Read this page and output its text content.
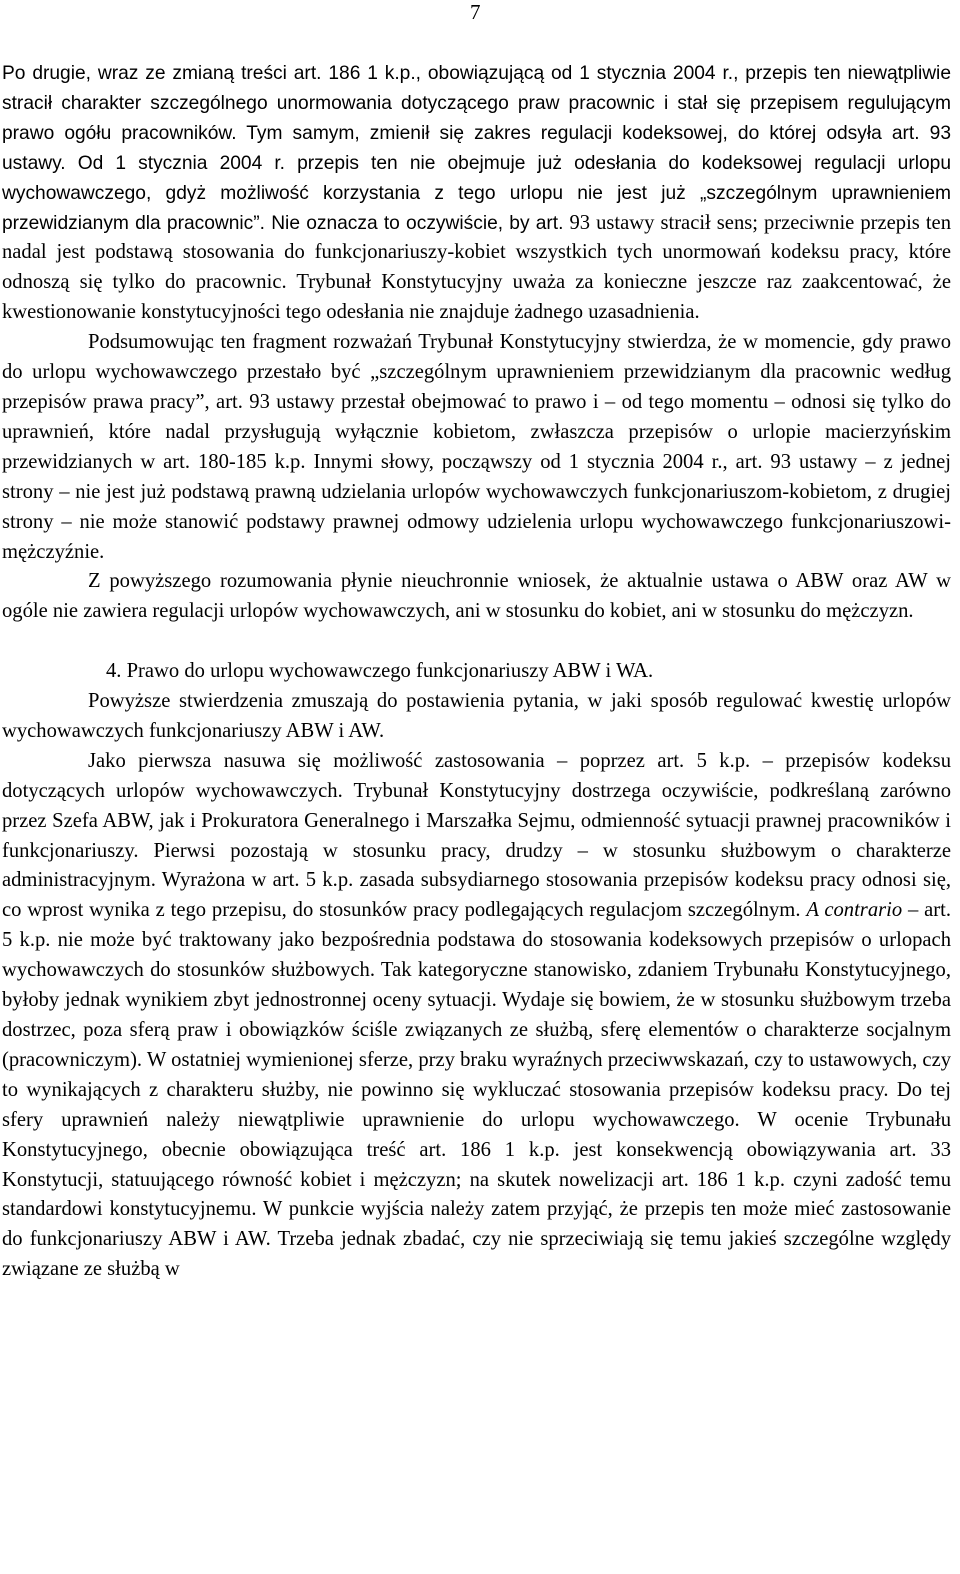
7

Po drugie, wraz ze zmianą treści art. 186 1 k.p., obowiązującą od 1 stycznia 2004 r., przepis ten niewątpliwie stracił charakter szczególnego unormowania dotyczącego praw pracownic i stał się przepisem regulującym prawo ogółu pracowników. Tym samym, zmienił się zakres regulacji kodeksowej, do której odsyła art. 93 ustawy. Od 1 stycznia 2004 r. przepis ten nie obejmuje już odesłania do kodeksowej regulacji urlopu wychowawczego, gdyż możliwość korzystania z tego urlopu nie jest już „szczególnym uprawnieniem przewidzianym dla pracownic”. Nie oznacza to oczywiście, by art. 93 ustawy stracił sens; przeciwnie przepis ten nadal jest podstawą stosowania do funkcjonariuszy-kobiet wszystkich tych unormowań kodeksu pracy, które odnoszą się tylko do pracownic. Trybunał Konstytucyjny uważa za konieczne jeszcze raz zaakcentować, że kwestionowanie konstytucyjności tego odesłania nie znajduje żadnego uzasadnienia.

Podsumowując ten fragment rozważań Trybunał Konstytucyjny stwierdza, że w momencie, gdy prawo do urlopu wychowawczego przestało być „szczególnym uprawnieniem przewidzianym dla pracownic według przepisów prawa pracy”, art. 93 ustawy przestał obejmować to prawo i – od tego momentu – odnosi się tylko do uprawnień, które nadal przysługują wyłącznie kobietom, zwłaszcza przepisów o urlopie macierzyńskim przewidzianych w art. 180-185 k.p. Innymi słowy, począwszy od 1 stycznia 2004 r., art. 93 ustawy – z jednej strony – nie jest już podstawą prawną udzielania urlopów wychowawczych funkcjonariuszom-kobietom, z drugiej strony – nie może stanowić podstawy prawnej odmowy udzielenia urlopu wychowawczego funkcjonariuszowi-mężczyźnie.

Z powyższego rozumowania płynie nieuchronnie wniosek, że aktualnie ustawa o ABW oraz AW w ogóle nie zawiera regulacji urlopów wychowawczych, ani w stosunku do kobiet, ani w stosunku do mężczyzn.

4. Prawo do urlopu wychowawczego funkcjonariuszy ABW i WA.

Powyższe stwierdzenia zmuszają do postawienia pytania, w jaki sposób regulować kwestię urlopów wychowawczych funkcjonariuszy ABW i AW.

Jako pierwsza nasuwa się możliwość zastosowania – poprzez art. 5 k.p. – przepisów kodeksu dotyczących urlopów wychowawczych. Trybunał Konstytucyjny dostrzega oczywiście, podkreślaną zarówno przez Szefa ABW, jak i Prokuratora Generalnego i Marszałka Sejmu, odmienność sytuacji prawnej pracowników i funkcjonariuszy. Pierwsi pozostają w stosunku pracy, drudzy – w stosunku służbowym o charakterze administracyjnym. Wyrażona w art. 5 k.p. zasada subsydiarnego stosowania przepisów kodeksu pracy odnosi się, co wprost wynika z tego przepisu, do stosunków pracy podlegających regulacjom szczególnym. A contrario – art. 5 k.p. nie może być traktowany jako bezpośrednia podstawa do stosowania kodeksowych przepisów o urlopach wychowawczych do stosunków służbowych. Tak kategoryczne stanowisko, zdaniem Trybunału Konstytucyjnego, byłoby jednak wynikiem zbyt jednostronnej oceny sytuacji. Wydaje się bowiem, że w stosunku służbowym trzeba dostrzec, poza sferą praw i obowiązków ściśle związanych ze służbą, sferę elementów o charakterze socjalnym (pracowniczym). W ostatniej wymienionej sferze, przy braku wyraźnych przeciwwskazań, czy to ustawowych, czy to wynikających z charakteru służby, nie powinno się wykluczać stosowania przepisów kodeksu pracy. Do tej sfery uprawnień należy niewątpliwie uprawnienie do urlopu wychowawczego. W ocenie Trybunału Konstytucyjnego, obecnie obowiązująca treść art. 186 1 k.p. jest konsekwencją obowiązywania art. 33 Konstytucji, statuującego równość kobiet i mężczyzn; na skutek nowelizacji art. 186 1 k.p. czyni zadość temu standardowi konstytucyjnemu. W punkcie wyjścia należy zatem przyjąć, że przepis ten może mieć zastosowanie do funkcjonariuszy ABW i AW. Trzeba jednak zbadać, czy nie sprzeciwiają się temu jakieś szczególne względy związane ze służbą w
